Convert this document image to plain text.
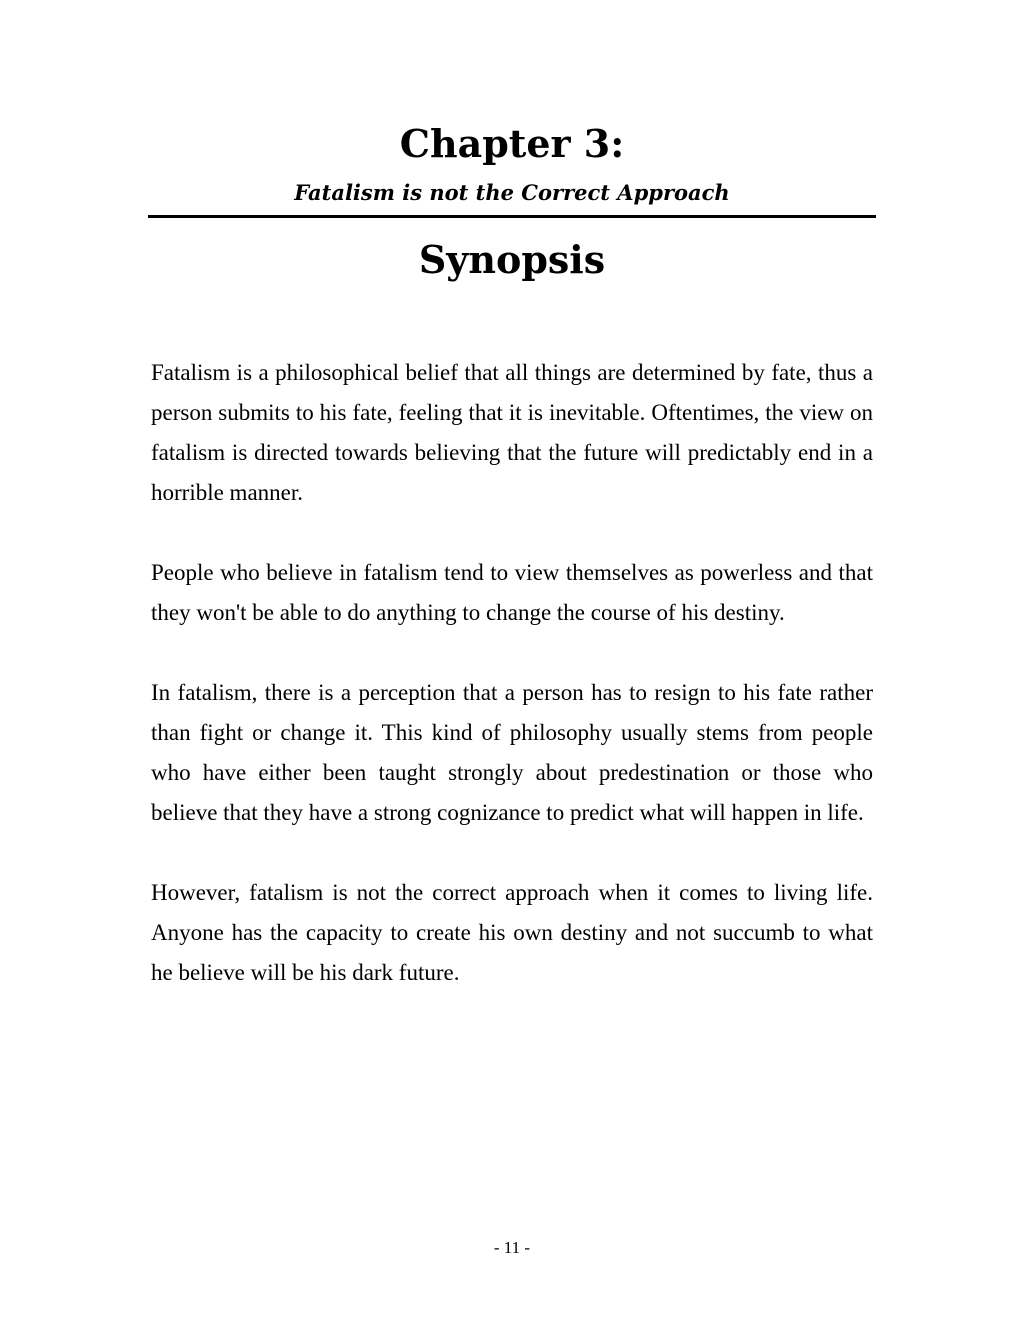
Chapter 3:
Fatalism is not the Correct Approach
Synopsis

Fatalism is a philosophical belief that all things are determined by fate, thus a person submits to his fate, feeling that it is inevitable. Oftentimes, the view on fatalism is directed towards believing that the future will predictably end in a horrible manner.

People who believe in fatalism tend to view themselves as powerless and that they won't be able to do anything to change the course of his destiny.

In fatalism, there is a perception that a person has to resign to his fate rather than fight or change it. This kind of philosophy usually stems from people who have either been taught strongly about predestination or those who believe that they have a strong cognizance to predict what will happen in life.

However, fatalism is not the correct approach when it comes to living life. Anyone has the capacity to create his own destiny and not succumb to what he believe will be his dark future.

- 11 -
